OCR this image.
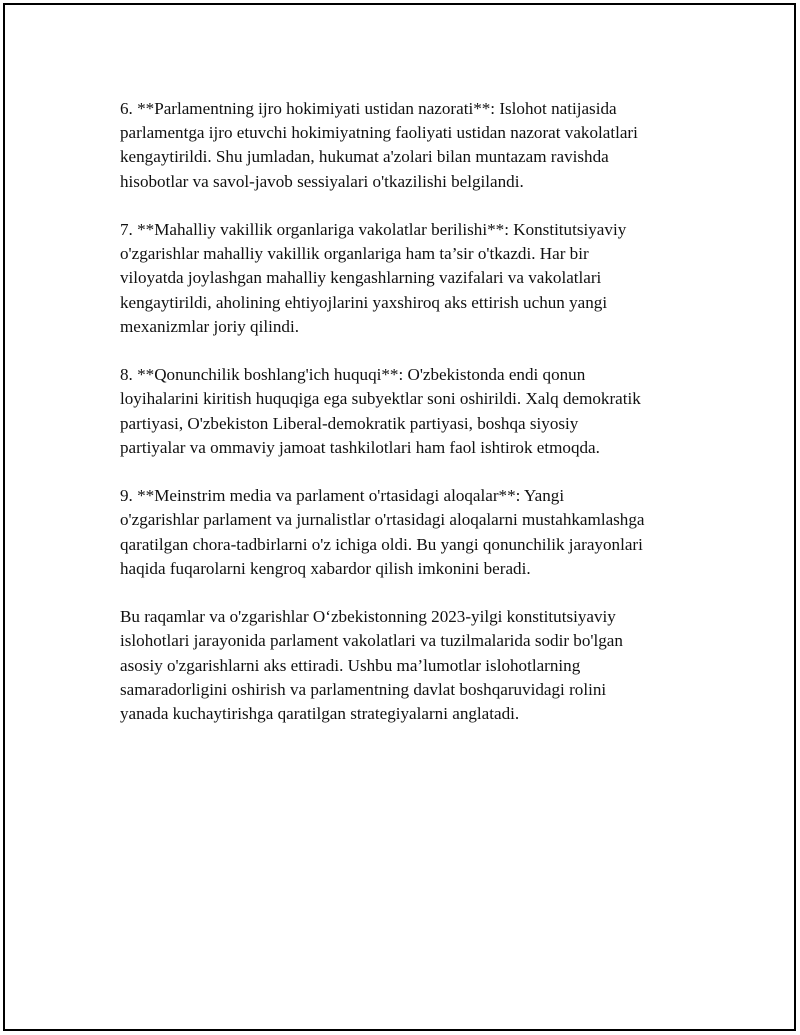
6. **Parlamentning ijro hokimiyati ustidan nazorati**: Islohot natijasida
parlamentga ijro etuvchi hokimiyatning faoliyati ustidan nazorat vakolatlari
kengaytirildi. Shu jumladan, hukumat a'zolari bilan muntazam ravishda
hisobotlar va savol-javob sessiyalari o'tkazilishi belgilandi.

7. **Mahalliy vakillik organlariga vakolatlar berilishi**: Konstitutsiyaviy
o'zgarishlar mahalliy vakillik organlariga ham ta’sir o'tkazdi. Har bir
viloyatda joylashgan mahalliy kengashlarning vazifalari va vakolatlari
kengaytirildi, aholining ehtiyojlarini yaxshiroq aks ettirish uchun yangi
mexanizmlar joriy qilindi.

8. **Qonunchilik boshlang'ich huquqi**: O'zbekistonda endi qonun
loyihalarini kiritish huquqiga ega subyektlar soni oshirildi. Xalq demokratik
partiyasi, O'zbekiston Liberal-demokratik partiyasi, boshqa siyosiy
partiyalar va ommaviy jamoat tashkilotlari ham faol ishtirok etmoqda.

9. **Meinstrim media va parlament o'rtasidagi aloqalar**: Yangi
o'zgarishlar parlament va jurnalistlar o'rtasidagi aloqalarni mustahkamlashga
qaratilgan chora-tadbirlarni o'z ichiga oldi. Bu yangi qonunchilik jarayonlari
haqida fuqarolarni kengroq xabardor qilish imkonini beradi.

Bu raqamlar va o'zgarishlar O‘zbekistonning 2023-yilgi konstitutsiyaviy
islohotlari jarayonida parlament vakolatlari va tuzilmalarida sodir bo'lgan
asosiy o'zgarishlarni aks ettiradi. Ushbu ma’lumotlar islohotlarning
samaradorligini oshirish va parlamentning davlat boshqaruvidagi rolini
yanada kuchaytirishga qaratilgan strategiyalarni anglatadi.
